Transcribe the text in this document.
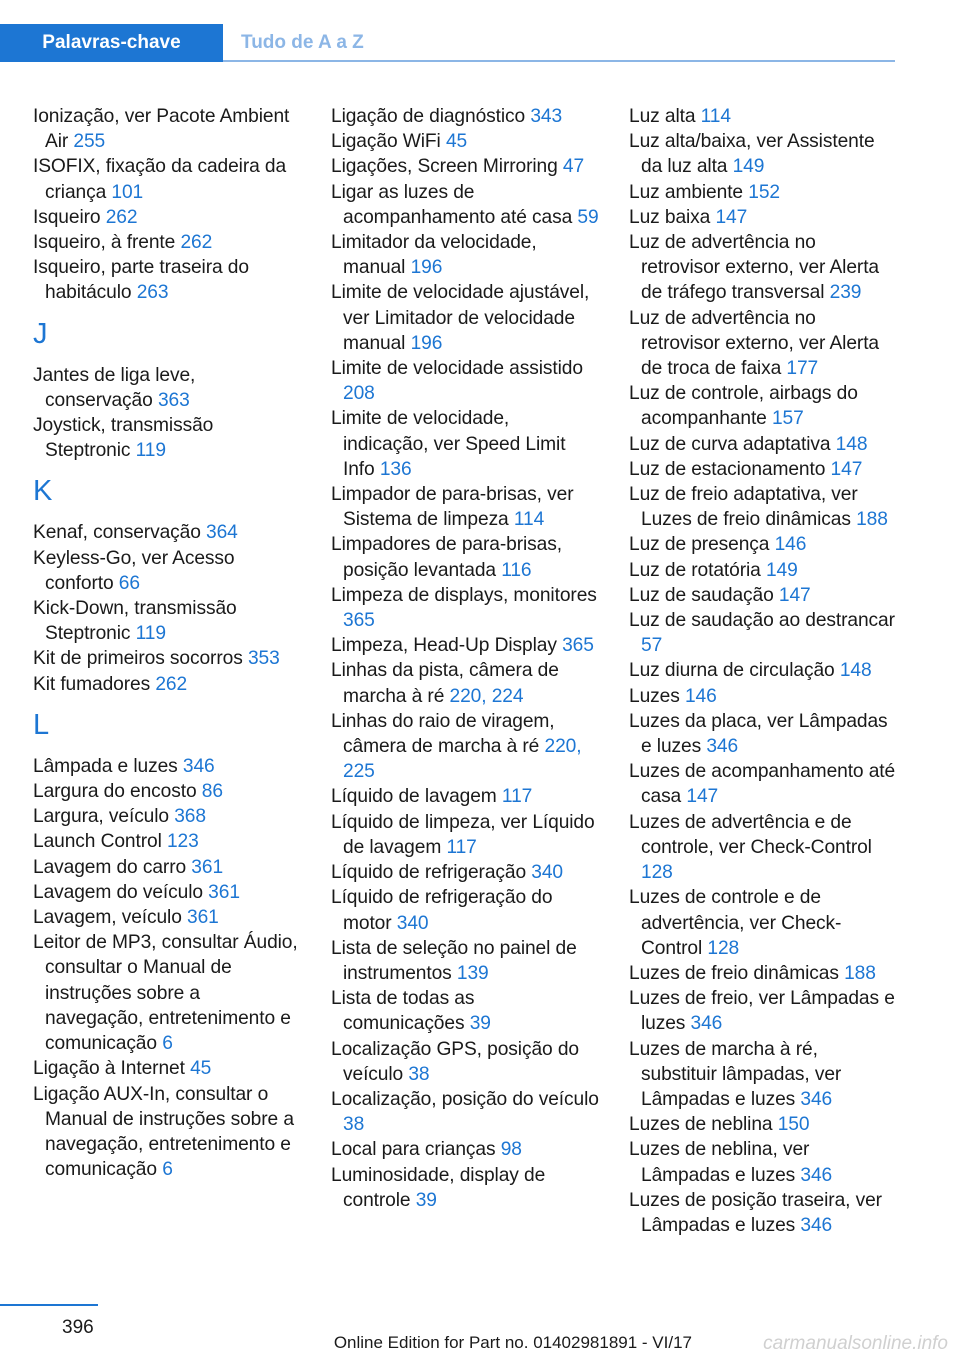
Palavras-chave	Tudo de A a Z
Ionização, ver Pacote Ambient Air 255
ISOFIX, fixação da cadeira da criança 101
Isqueiro 262
Isqueiro, à frente 262
Isqueiro, parte traseira do habitáculo 263
J
Jantes de liga leve, conservação 363
Joystick, transmissão Steptronic 119
K
Kenaf, conservação 364
Keyless-Go, ver Acesso conforto 66
Kick-Down, transmissão Steptronic 119
Kit de primeiros socorros 353
Kit fumadores 262
L
Lâmpada e luzes 346
Largura do encosto 86
Largura, veículo 368
Launch Control 123
Lavagem do carro 361
Lavagem do veículo 361
Lavagem, veículo 361
Leitor de MP3, consultar Áudio, consultar o Manual de instruções sobre a navegação, entretenimento e comunicação 6
Ligação à Internet 45
Ligação AUX-In, consultar o Manual de instruções sobre a navegação, entretenimento e comunicação 6
Ligação de diagnóstico 343
Ligação WiFi 45
Ligações, Screen Mirroring 47
Ligar as luzes de acompanhamento até casa 59
Limitador da velocidade, manual 196
Limite de velocidade ajustável, ver Limitador de velocidade manual 196
Limite de velocidade assistido 208
Limite de velocidade, indicação, ver Speed Limit Info 136
Limpador de para-brisas, ver Sistema de limpeza 114
Limpadores de para-brisas, posição levantada 116
Limpeza de displays, monitores 365
Limpeza, Head-Up Display 365
Linhas da pista, câmera de marcha à ré 220, 224
Linhas do raio de viragem, câmera de marcha à ré 220, 225
Líquido de lavagem 117
Líquido de limpeza, ver Líquido de lavagem 117
Líquido de refrigeração 340
Líquido de refrigeração do motor 340
Lista de seleção no painel de instrumentos 139
Lista de todas as comunicações 39
Localização GPS, posição do veículo 38
Localização, posição do veículo 38
Local para crianças 98
Luminosidade, display de controle 39
Luz alta 114
Luz alta/baixa, ver Assistente da luz alta 149
Luz ambiente 152
Luz baixa 147
Luz de advertência no retrovisor externo, ver Alerta de tráfego transversal 239
Luz de advertência no retrovisor externo, ver Alerta de troca de faixa 177
Luz de controle, airbags do acompanhante 157
Luz de curva adaptativa 148
Luz de estacionamento 147
Luz de freio adaptativa, ver Luzes de freio dinâmicas 188
Luz de presença 146
Luz de rotatória 149
Luz de saudação 147
Luz de saudação ao destrancar 57
Luz diurna de circulação 148
Luzes 146
Luzes da placa, ver Lâmpadas e luzes 346
Luzes de acompanhamento até casa 147
Luzes de advertência e de controle, ver Check-Control 128
Luzes de controle e de advertência, ver Check-Control 128
Luzes de freio dinâmicas 188
Luzes de freio, ver Lâmpadas e luzes 346
Luzes de marcha à ré, substituir lâmpadas, ver Lâmpadas e luzes 346
Luzes de neblina 150
Luzes de neblina, ver Lâmpadas e luzes 346
Luzes de posição traseira, ver Lâmpadas e luzes 346
396
Online Edition for Part no. 01402981891 - VI/17	carmanualsonline.info
